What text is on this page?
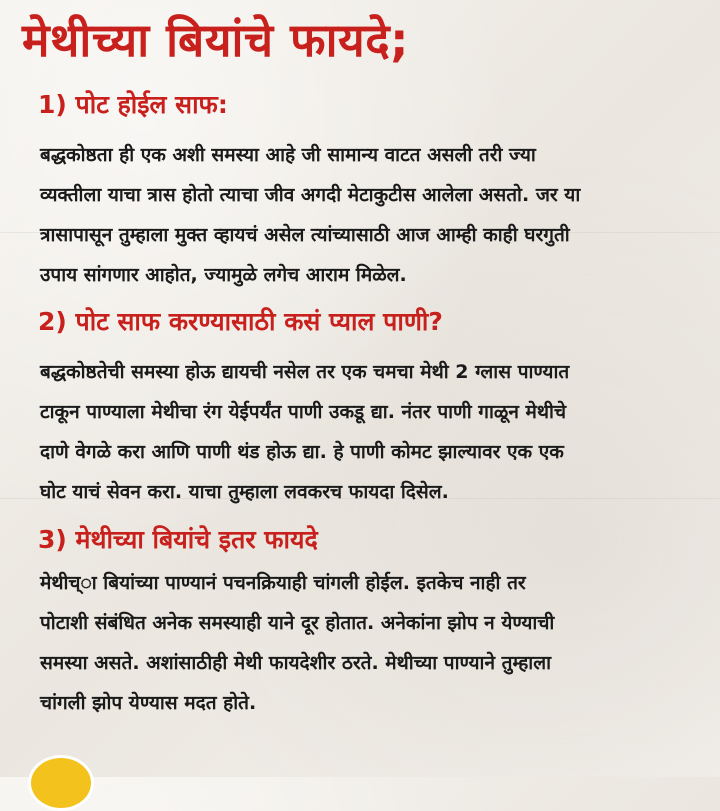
मेथीच्या बियांचे फायदे;
1) पोट होईल साफ:
बद्धकोष्ठता ही एक अशी समस्या आहे जी सामान्य वाटत असली तरी ज्या
व्यक्तीला याचा त्रास होतो त्याचा जीव अगदी मेटाकुटीस आलेला असतो. जर या
त्रासापासून तुम्हाला मुक्त व्हायचं असेल त्यांच्यासाठी आज आम्ही काही घरगुती
उपाय सांगणार आहोत, ज्यामुळे लगेच आराम मिळेल.
2) पोट साफ करण्यासाठी कसं प्याल पाणी?
बद्धकोष्ठतेची समस्या होऊ द्यायची नसेल तर एक चमचा मेथी 2 ग्लास पाण्यात
टाकून पाण्याला मेथीचा रंग येईपर्यंत पाणी उकडू द्या. नंतर पाणी गाळून मेथीचे
दाणे वेगळे करा आणि पाणी थंड होऊ द्या. हे पाणी कोमट झाल्यावर एक एक
घोट याचं सेवन करा. याचा तुम्हाला लवकरच फायदा दिसेल.
3) मेथीच्या बियांचे इतर फायदे
मेथीच्ा बियांच्या पाण्यानं पचनक्रियाही चांगली होईल. इतकेच नाही तर
पोटाशी संबंधित अनेक समस्याही याने दूर होतात. अनेकांना झोप न येण्याची
समस्या असते. अशांसाठीही मेथी फायदेशीर ठरते. मेथीच्या पाण्याने तुम्हाला
चांगली झोप येण्यास मदत होते.
